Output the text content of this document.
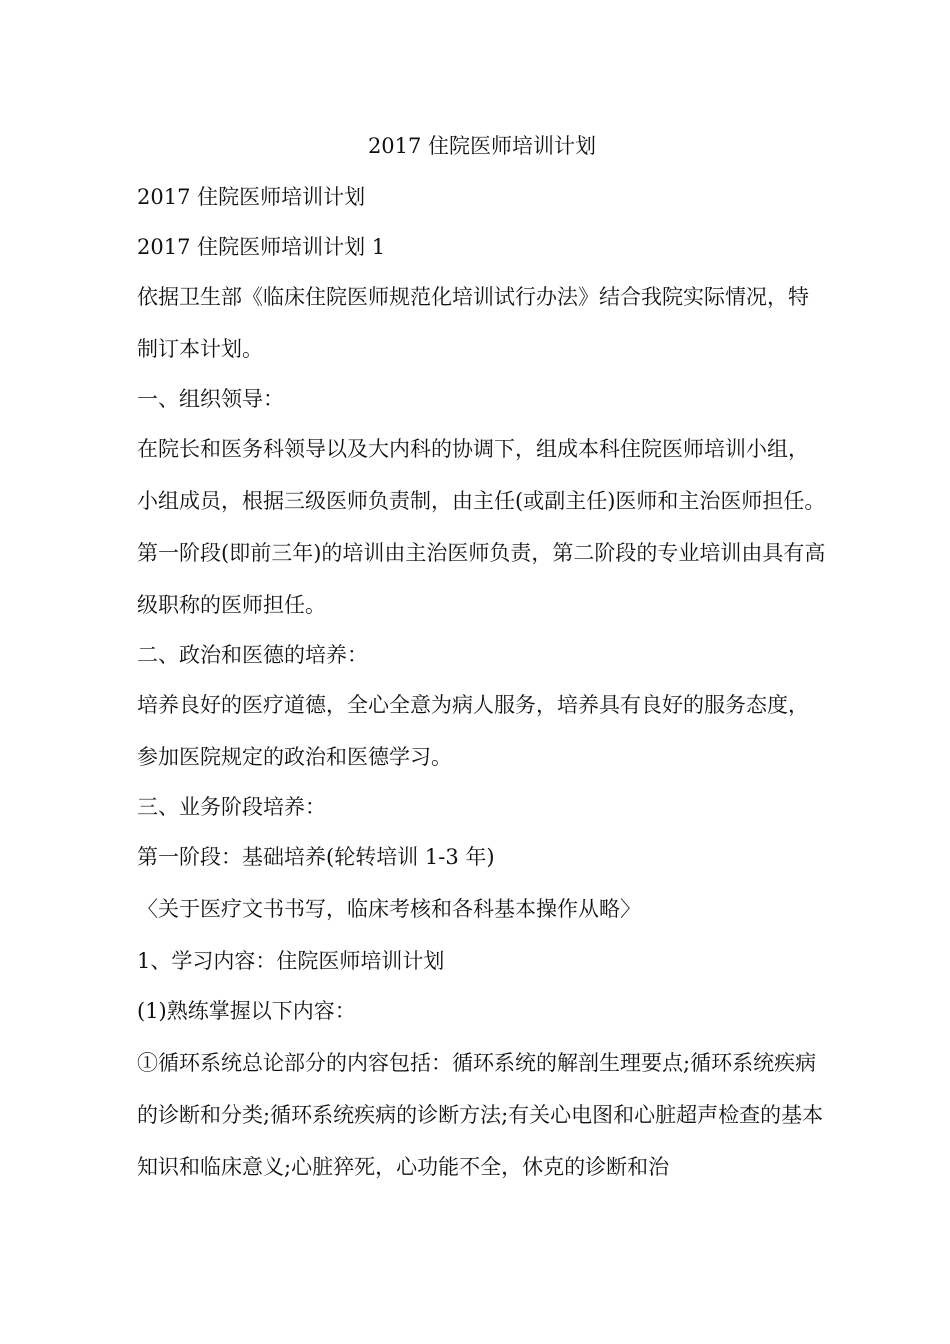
2017 住院医师培训计划
2017 住院医师培训计划
2017 住院医师培训计划 1
依据卫生部《临床住院医师规范化培训试行办法》结合我院实际情况，特制订本计划。
一、组织领导：
在院长和医务科领导以及大内科的协调下，组成本科住院医师培训小组，小组成员，根据三级医师负责制，由主任(或副主任)医师和主治医师担任。第一阶段(即前三年)的培训由主治医师负责，第二阶段的专业培训由具有高级职称的医师担任。
二、政治和医德的培养：
培养良好的医疗道德，全心全意为病人服务，培养具有良好的服务态度，参加医院规定的政治和医德学习。
三、业务阶段培养：
第一阶段：基础培养(轮转培训 1-3 年)
〈关于医疗文书书写，临床考核和各科基本操作从略〉
1、学习内容：住院医师培训计划
(1)熟练掌握以下内容：
①循环系统总论部分的内容包括：循环系统的解剖生理要点;循环系统疾病的诊断和分类;循环系统疾病的诊断方法;有关心电图和心脏超声检查的基本知识和临床意义;心脏猝死，心功能不全，休克的诊断和治
